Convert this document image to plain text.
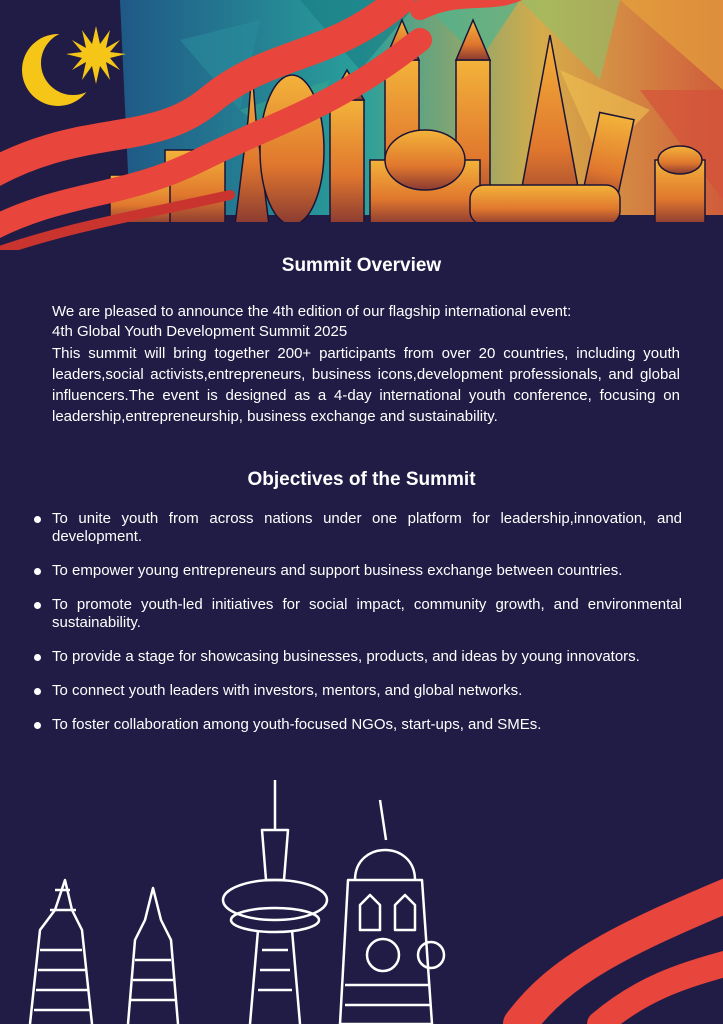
Summit Overview

We are pleased to announce the 4th edition of our flagship international event:

4th Global Youth Development Summit 2025

This summit will bring together 200+ participants from over 20 countries, including youth leaders,social activists,entrepreneurs, business icons,development professionals, and global influencers.The event is designed as a 4-day international youth conference, focusing on leadership,entrepreneurship, business exchange and sustainability.

Objectives of the Summit
To unite youth from across nations under one platform for leadership,innovation, and development.
To empower young entrepreneurs and support business exchange between countries.
To promote youth-led initiatives for social impact, community growth, and environmental sustainability.
To provide a stage for showcasing businesses, products, and ideas by young innovators.
To connect youth leaders with investors, mentors, and global networks.
To foster collaboration among youth-focused NGOs, start-ups, and SMEs.
